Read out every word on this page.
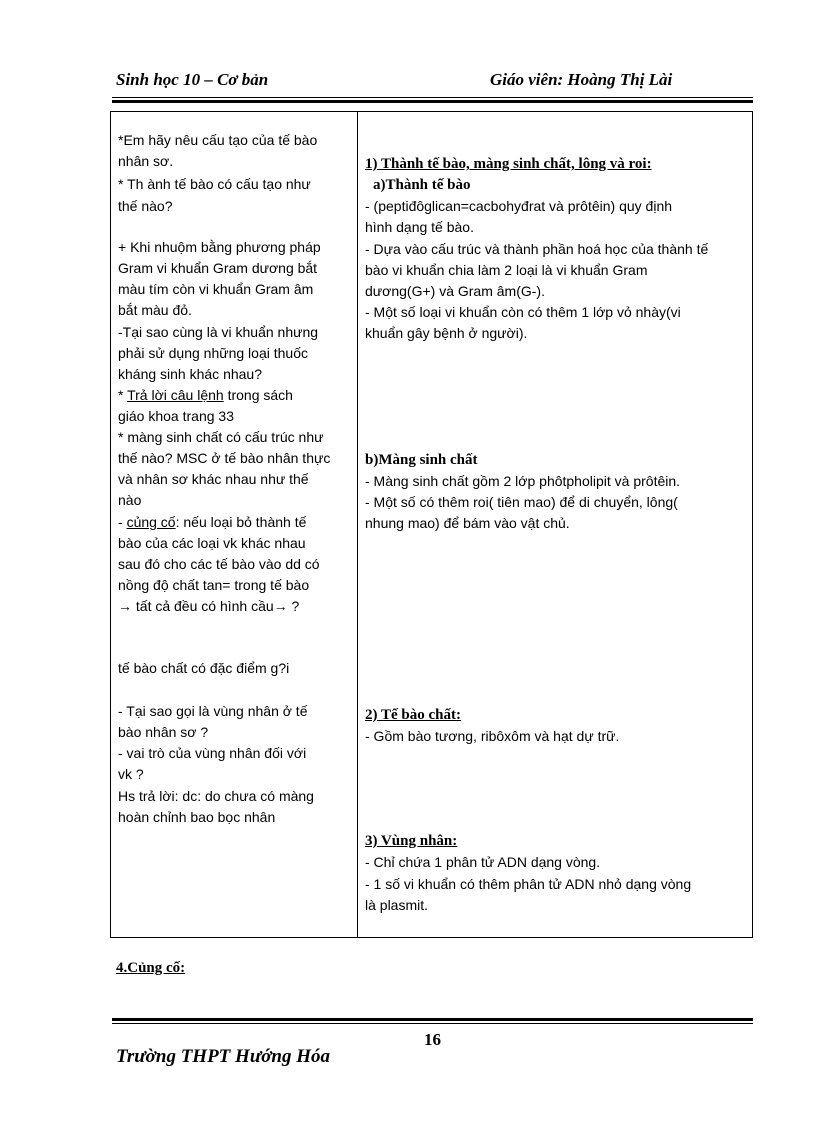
Sinh học 10 – Cơ bản	Giáo viên: Hoàng Thị Lài
*Em hãy nêu cấu tạo của tế bào
nhân sơ.
* Th ành tế bào có cấu tạo như
thế nào?
+ Khi nhuộm bằng phương pháp
Gram vi khuẩn Gram dương bắt
màu tím còn vi khuẩn Gram âm
bắt màu đỏ.
-Tại sao cùng là vi khuẩn nhưng
phải sử dụng những loại thuốc
kháng sinh khác nhau?
* Trả lời câu lệnh trong sách
giáo khoa trang 33
* màng sinh chất có cấu trúc như
thế nào? MSC ở tế bào nhân thực
và nhân sơ khác nhau như thế
nào
- củng cố: nếu loại bỏ thành tế
bào của các loại vk khác nhau
sau đó cho các tế bào vào dd có
nồng độ chất tan= trong tế bào
→ tất cả đều có hình cầu→ ?
tế bào chất có đặc điểm g?i
- Tại sao gọi là vùng nhân ở tế
bào nhân sơ ?
- vai trò của vùng nhân đối với
vk ?
Hs trả lời: dc: do chưa có màng
hoàn chỉnh bao bọc nhân
1) Thành tế bào, màng sinh chất, lông và roi:
a)Thành tế bào
- (peptiđôglican=cacbohyđrat và prôtêin) quy định
hình dạng tế bào.
- Dựa vào cấu trúc và thành phần hoá học của thành tế
bào vi khuẩn chia làm 2 loại là vi khuẩn Gram
dương(G+) và Gram âm(G-).
- Một số loại vi khuẩn còn có thêm 1 lớp vỏ nhày(vi
khuẩn gây bệnh ở người).
b)Màng sinh chất
- Màng sinh chất gồm 2 lớp phôtpholipit và prôtêin.
- Một số có thêm roi( tiên mao) để di chuyển, lông(
nhung mao) để bám vào vật chủ.
2) Tế bào chất:
- Gồm bào tương, ribôxôm và hạt dự trữ.
3) Vùng nhân:
- Chỉ chứa 1 phân tử ADN dạng vòng.
- 1 số vi khuẩn có thêm phân tử ADN nhỏ dạng vòng
là plasmit.
4.Củng cố:
16
Trường THPT Hướng Hóa
